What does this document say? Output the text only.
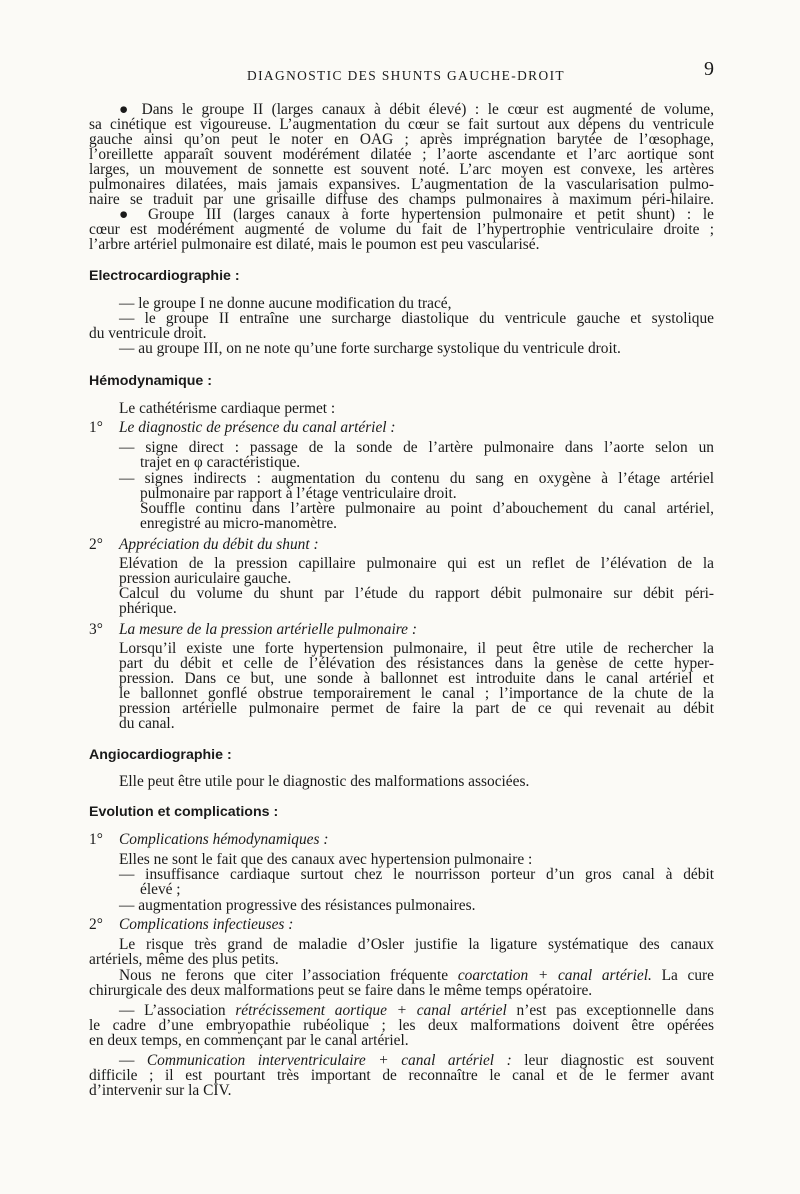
DIAGNOSTIC DES SHUNTS GAUCHE-DROIT	9
● Dans le groupe II (larges canaux à débit élevé) : le cœur est augmenté de volume,
sa cinétique est vigoureuse. L’augmentation du cœur se fait surtout aux dépens du ventricule
gauche ainsi qu’on peut le noter en OAG ; après imprégnation barytée de l’œsophage,
l’oreillette apparaît souvent modérément dilatée ; l’aorte ascendante et l’arc aortique sont
larges, un mouvement de sonnette est souvent noté. L’arc moyen est convexe, les artères
pulmonaires dilatées, mais jamais expansives. L’augmentation de la vascularisation pulmo-
naire se traduit par une grisaille diffuse des champs pulmonaires à maximum péri-hilaire.
● Groupe III (larges canaux à forte hypertension pulmonaire et petit shunt) : le
cœur est modérément augmenté de volume du fait de l’hypertrophie ventriculaire droite ;
l’arbre artériel pulmonaire est dilaté, mais le poumon est peu vascularisé.
Electrocardiographie :
— le groupe I ne donne aucune modification du tracé,
— le groupe II entraîne une surcharge diastolique du ventricule gauche et systolique
du ventricule droit.
— au groupe III, on ne note qu’une forte surcharge systolique du ventricule droit.
Hémodynamique :
Le cathétérisme cardiaque permet :
1° Le diagnostic de présence du canal artériel :
— signe direct : passage de la sonde de l’artère pulmonaire dans l’aorte selon un
trajet en φ caractéristique.
— signes indirects : augmentation du contenu du sang en oxygène à l’étage artériel
pulmonaire par rapport à l’étage ventriculaire droit.
Souffle continu dans l’artère pulmonaire au point d’abouchement du canal artériel,
enregistré au micro-manomètre.
2° Appréciation du débit du shunt :
Elévation de la pression capillaire pulmonaire qui est un reflet de l’élévation de la
pression auriculaire gauche.
Calcul du volume du shunt par l’étude du rapport débit pulmonaire sur débit péri-
phérique.
3° La mesure de la pression artérielle pulmonaire :
Lorsqu’il existe une forte hypertension pulmonaire, il peut être utile de rechercher la
part du débit et celle de l’élévation des résistances dans la genèse de cette hyper-
pression. Dans ce but, une sonde à ballonnet est introduite dans le canal artériel et
le ballonnet gonflé obstrue temporairement le canal ; l’importance de la chute de la
pression artérielle pulmonaire permet de faire la part de ce qui revenait au débit
du canal.
Angiocardiographie :
Elle peut être utile pour le diagnostic des malformations associées.
Evolution et complications :
1° Complications hémodynamiques :
Elles ne sont le fait que des canaux avec hypertension pulmonaire :
— insuffisance cardiaque surtout chez le nourrisson porteur d’un gros canal à débit
élevé ;
— augmentation progressive des résistances pulmonaires.
2° Complications infectieuses :
Le risque très grand de maladie d’Osler justifie la ligature systématique des canaux
artériels, même des plus petits.
Nous ne ferons que citer l’association fréquente coarctation + canal artériel. La cure
chirurgicale des deux malformations peut se faire dans le même temps opératoire.
— L’association rétrécissement aortique + canal artériel n’est pas exceptionnelle dans
le cadre d’une embryopathie rubéolique ; les deux malformations doivent être opérées
en deux temps, en commençant par le canal artériel.
— Communication interventriculaire + canal artériel : leur diagnostic est souvent
difficile ; il est pourtant très important de reconnaître le canal et de le fermer avant
d’intervenir sur la CIV.
